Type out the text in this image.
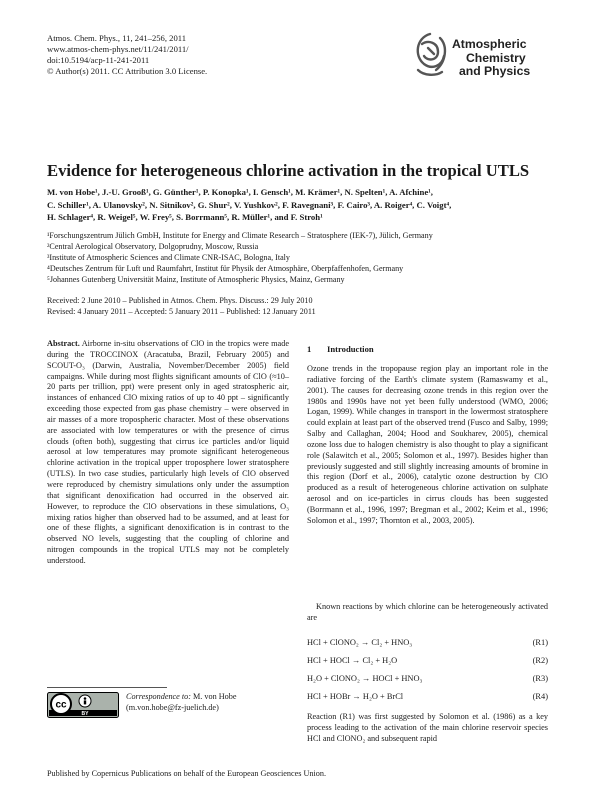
Atmos. Chem. Phys., 11, 241–256, 2011
www.atmos-chem-phys.net/11/241/2011/
doi:10.5194/acp-11-241-2011
© Author(s) 2011. CC Attribution 3.0 License.
Atmospheric
Chemistry
and Physics
Evidence for heterogeneous chlorine activation in the tropical UTLS
M. von Hobe¹, J.-U. Grooß¹, G. Günther¹, P. Konopka¹, I. Gensch¹, M. Krämer¹, N. Spelten¹, A. Afchine¹,
C. Schiller¹, A. Ulanovsky², N. Sitnikov², G. Shur², V. Yushkov², F. Ravegnani³, F. Cairo³, A. Roiger⁴, C. Voigt⁴,
H. Schlager⁴, R. Weigel⁵, W. Frey⁵, S. Borrmann⁵, R. Müller¹, and F. Stroh¹
¹Forschungszentrum Jülich GmbH, Institute for Energy and Climate Research – Stratosphere (IEK-7), Jülich, Germany
²Central Aerological Observatory, Dolgoprudny, Moscow, Russia
³Institute of Atmospheric Sciences and Climate CNR-ISAC, Bologna, Italy
⁴Deutsches Zentrum für Luft und Raumfahrt, Institut für Physik der Atmosphäre, Oberpfaffenhofen, Germany
⁵Johannes Gutenberg Universität Mainz, Institute of Atmospheric Physics, Mainz, Germany
Received: 2 June 2010 – Published in Atmos. Chem. Phys. Discuss.: 29 July 2010
Revised: 4 January 2011 – Accepted: 5 January 2011 – Published: 12 January 2011
Abstract. Airborne in-situ observations of ClO in the tropics were made during the TROCCINOX (Aracatuba, Brazil, February 2005) and SCOUT-O₃ (Darwin, Australia, November/December 2005) field campaigns. While during most flights significant amounts of ClO (≈10–20 parts per trillion, ppt) were present only in aged stratospheric air, instances of enhanced ClO mixing ratios of up to 40 ppt – significantly exceeding those expected from gas phase chemistry – were observed in air masses of a more tropospheric character. Most of these observations are associated with low temperatures or with the presence of cirrus clouds (often both), suggesting that cirrus ice particles and/or liquid aerosol at low temperatures may promote significant heterogeneous chlorine activation in the tropical upper troposphere lower stratosphere (UTLS). In two case studies, particularly high levels of ClO observed were reproduced by chemistry simulations only under the assumption that significant denoxification had occurred in the observed air. However, to reproduce the ClO observations in these simulations, O₃ mixing ratios higher than observed had to be assumed, and at least for one of these flights, a significant denoxification is in contrast to the observed NO levels, suggesting that the coupling of chlorine and nitrogen compounds in the tropical UTLS may not be completely understood.
cc
BY
Correspondence to: M. von Hobe
(m.von.hobe@fz-juelich.de)
1 Introduction
Ozone trends in the tropopause region play an important role in the radiative forcing of the Earth's climate system (Ramaswamy et al., 2001). The causes for decreasing ozone trends in this region over the 1980s and 1990s have not yet been fully understood (WMO, 2006; Logan, 1999). While changes in transport in the lowermost stratosphere could explain at least part of the observed trend (Fusco and Salby, 1999; Salby and Callaghan, 2004; Hood and Soukharev, 2005), chemical ozone loss due to halogen chemistry is also thought to play a significant role (Salawitch et al., 2005; Solomon et al., 1997). Besides higher than previously suggested and still slightly increasing amounts of bromine in this region (Dorf et al., 2006), catalytic ozone destruction by ClO produced as a result of heterogeneous chlorine activation on sulphate aerosol and on ice-particles in cirrus clouds has been suggested (Borrmann et al., 1996, 1997; Bregman et al., 2002; Keim et al., 1996; Solomon et al., 1997; Thornton et al., 2003, 2005).
Known reactions by which chlorine can be heterogeneously activated are
HCl + ClONO₂ → Cl₂ + HNO₃	(R1)
HCl + HOCl → Cl₂ + H₂O	(R2)
H₂O + ClONO₂ → HOCl + HNO₃	(R3)
HCl + HOBr → H₂O + BrCl	(R4)
Reaction (R1) was first suggested by Solomon et al. (1986) as a key process leading to the activation of the main chlorine reservoir species HCl and ClONO₂ and subsequent rapid
Published by Copernicus Publications on behalf of the European Geosciences Union.
